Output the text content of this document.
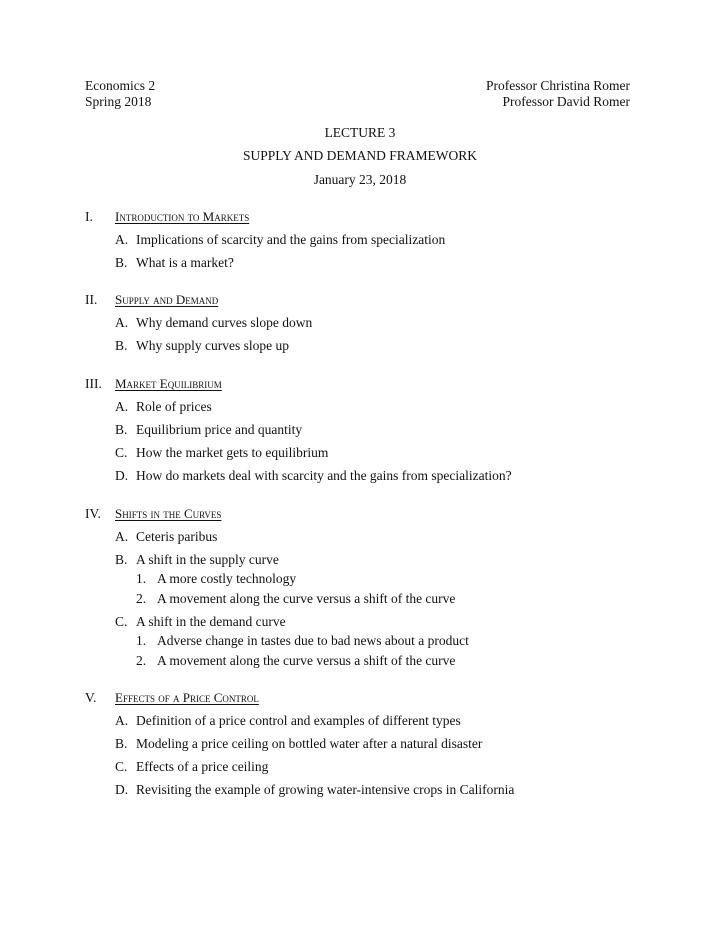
Economics 2
Spring 2018
Professor Christina Romer
Professor David Romer
LECTURE 3
SUPPLY AND DEMAND FRAMEWORK
January 23, 2018
I. Introduction to Markets
A. Implications of scarcity and the gains from specialization
B. What is a market?
II. Supply and Demand
A. Why demand curves slope down
B. Why supply curves slope up
III. Market Equilibrium
A. Role of prices
B. Equilibrium price and quantity
C. How the market gets to equilibrium
D. How do markets deal with scarcity and the gains from specialization?
IV. Shifts in the Curves
A. Ceteris paribus
B. A shift in the supply curve
1. A more costly technology
2. A movement along the curve versus a shift of the curve
C. A shift in the demand curve
1. Adverse change in tastes due to bad news about a product
2. A movement along the curve versus a shift of the curve
V. Effects of a Price Control
A. Definition of a price control and examples of different types
B. Modeling a price ceiling on bottled water after a natural disaster
C. Effects of a price ceiling
D. Revisiting the example of growing water-intensive crops in California
